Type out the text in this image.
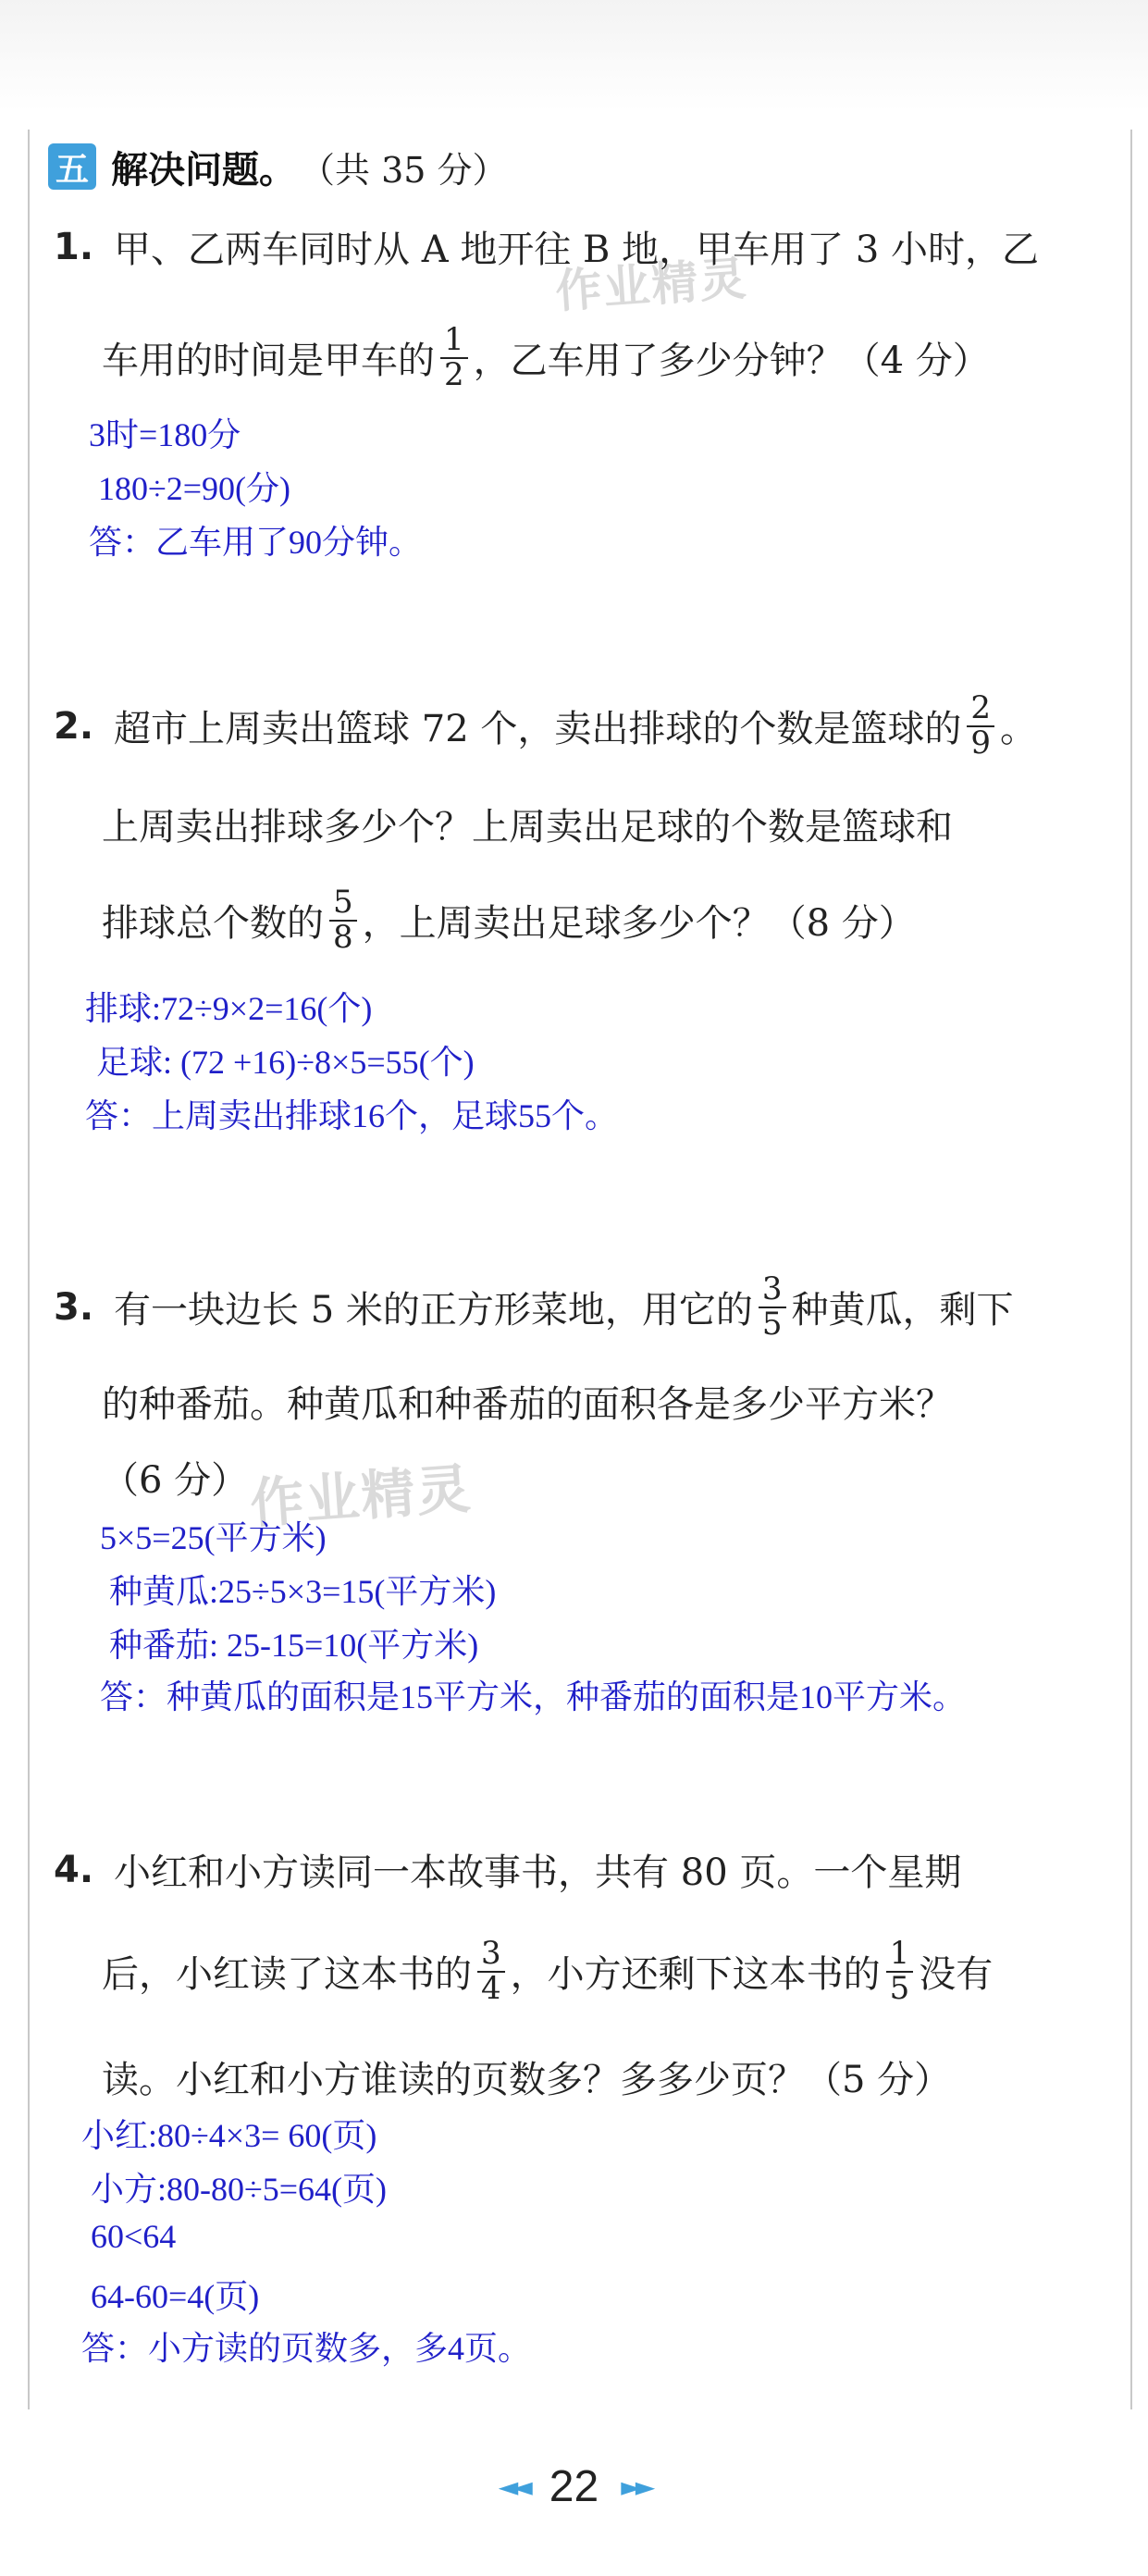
五 解决问题。 （共 35 分）
作业精灵
作业精灵
1. 甲、乙两车同时从 A 地开往 B 地，甲车用了 3 小时，乙
车用的时间是甲车的 $\frac{1}{2}$ ，乙车用了多少分钟？（4 分）
3时=180分
180÷2=90(分)
答：乙车用了90分钟。
2. 超市上周卖出篮球 72 个，卖出排球的个数是篮球的 $\frac{2}{9}$ 。
上周卖出排球多少个？上周卖出足球的个数是篮球和
排球总个数的 $\frac{5}{8}$ ，上周卖出足球多少个？（8 分）
排球:72÷9×2=16(个)
足球: (72 +16)÷8×5=55(个)
答：上周卖出排球16个，足球55个。
3. 有一块边长 5 米的正方形菜地，用它的 $\frac{3}{5}$ 种黄瓜，剩下
的种番茄。种黄瓜和种番茄的面积各是多少平方米？
（6 分）
5×5=25(平方米)
种黄瓜:25÷5×3=15(平方米)
种番茄: 25-15=10(平方米)
答：种黄瓜的面积是15平方米，种番茄的面积是10平方米。
4. 小红和小方读同一本故事书，共有 80 页。一个星期
后，小红读了这本书的 $\frac{3}{4}$ ，小方还剩下这本书的 $\frac{1}{5}$ 没有
读。小红和小方谁读的页数多？多多少页？（5 分）
小红:80÷4×3= 60(页)
小方:80-80÷5=64(页)
60<64
64-60=4(页)
答：小方读的页数多，多4页。
◄◄ 22 ►►
